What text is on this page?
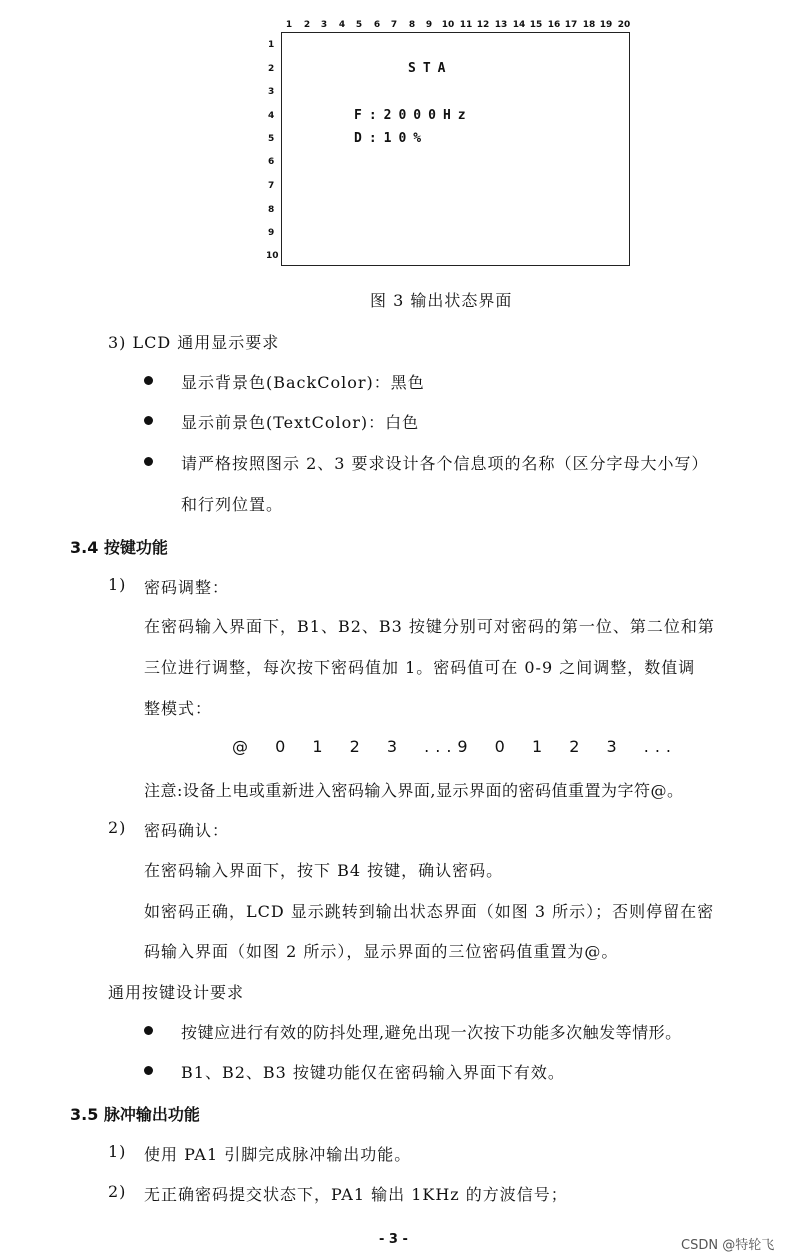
1 2 3 4 5 6 7 8 9 10 11 12 13 14 15 16 17 18 19 20
1
2
3
4
5
6
7
8
9
10
STA
F:2000Hz
D:10%
图 3 输出状态界面
3) LCD 通用显示要求
显示背景色(BackColor)：黑色
显示前景色(TextColor)：白色
请严格按照图示 2、3 要求设计各个信息项的名称（区分字母大小写）
和行列位置。
3.4 按键功能
1) 密码调整：
在密码输入界面下，B1、B2、B3 按键分别可对密码的第一位、第二位和第
三位进行调整，每次按下密码值加 1。密码值可在 0-9 之间调整，数值调
整模式：
@ 0 1 2 3 ...9 0 1 2 3 ...
注意:设备上电或重新进入密码输入界面,显示界面的密码值重置为字符@。
2) 密码确认：
在密码输入界面下，按下 B4 按键，确认密码。
如密码正确，LCD 显示跳转到输出状态界面（如图 3 所示）；否则停留在密
码输入界面（如图 2 所示），显示界面的三位密码值重置为@。
通用按键设计要求
按键应进行有效的防抖处理,避免出现一次按下功能多次触发等情形。
B1、B2、B3 按键功能仅在密码输入界面下有效。
3.5 脉冲输出功能
1) 使用 PA1 引脚完成脉冲输出功能。
2) 无正确密码提交状态下，PA1 输出 1KHz 的方波信号；
- 3 -	CSDN @特轮飞
